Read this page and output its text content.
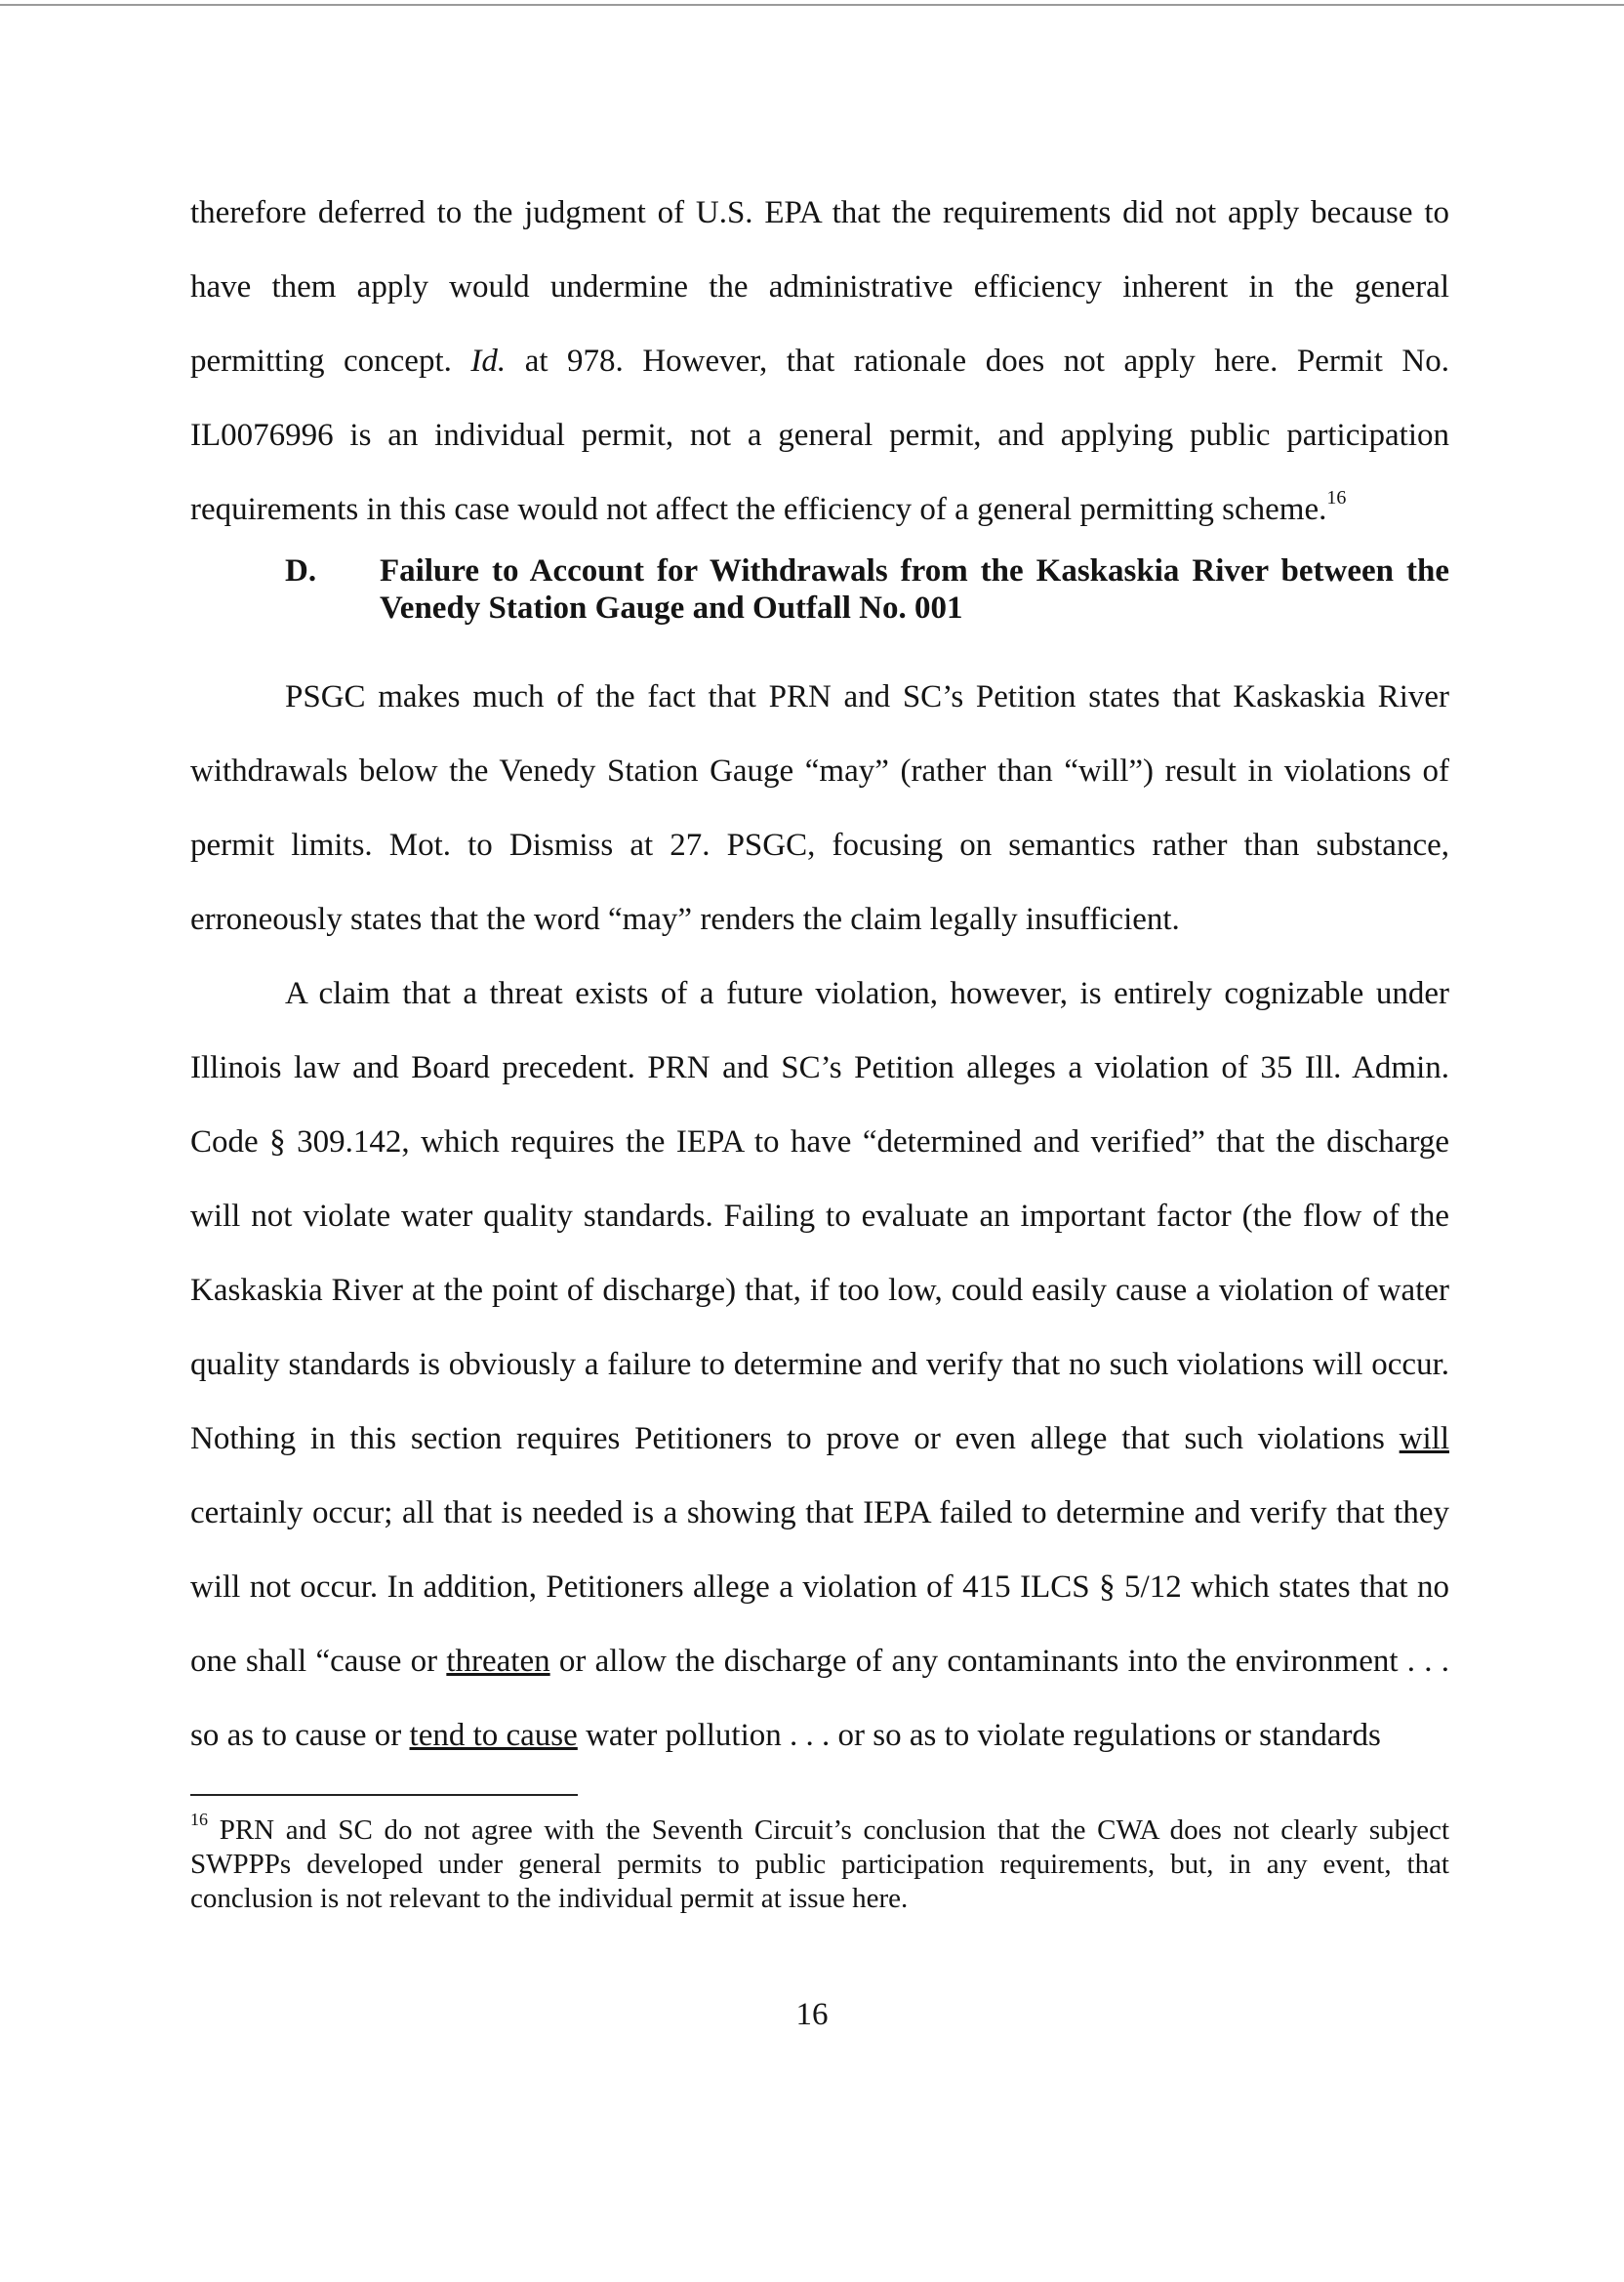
therefore deferred to the judgment of U.S. EPA that the requirements did not apply because to have them apply would undermine the administrative efficiency inherent in the general permitting concept. Id. at 978. However, that rationale does not apply here. Permit No. IL0076996 is an individual permit, not a general permit, and applying public participation requirements in this case would not affect the efficiency of a general permitting scheme.$^{16}$

D.	Failure to Account for Withdrawals from the Kaskaskia River between the Venedy Station Gauge and Outfall No. 001

PSGC makes much of the fact that PRN and SC’s Petition states that Kaskaskia River withdrawals below the Venedy Station Gauge “may” (rather than “will”) result in violations of permit limits. Mot. to Dismiss at 27. PSGC, focusing on semantics rather than substance, erroneously states that the word “may” renders the claim legally insufficient.

A claim that a threat exists of a future violation, however, is entirely cognizable under Illinois law and Board precedent. PRN and SC’s Petition alleges a violation of 35 Ill. Admin. Code § 309.142, which requires the IEPA to have “determined and verified” that the discharge will not violate water quality standards. Failing to evaluate an important factor (the flow of the Kaskaskia River at the point of discharge) that, if too low, could easily cause a violation of water quality standards is obviously a failure to determine and verify that no such violations will occur. Nothing in this section requires Petitioners to prove or even allege that such violations will certainly occur; all that is needed is a showing that IEPA failed to determine and verify that they will not occur. In addition, Petitioners allege a violation of 415 ILCS § 5/12 which states that no one shall “cause or threaten or allow the discharge of any contaminants into the environment . . . so as to cause or tend to cause water pollution . . . or so as to violate regulations or standards

$^{16}$ PRN and SC do not agree with the Seventh Circuit’s conclusion that the CWA does not clearly subject SWPPPs developed under general permits to public participation requirements, but, in any event, that conclusion is not relevant to the individual permit at issue here.

16
